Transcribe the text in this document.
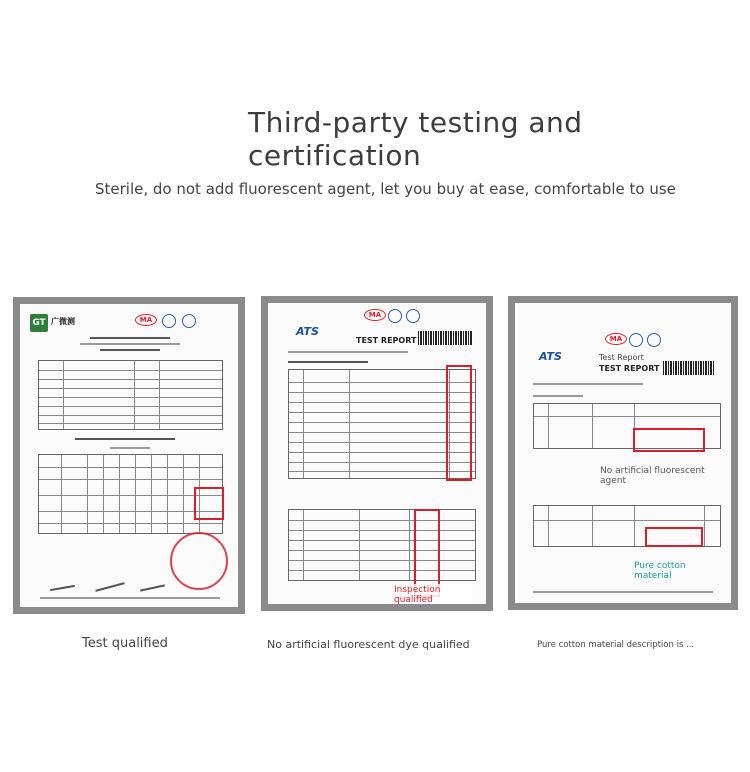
Third-party testing and certification
Sterile, do not add fluorescent agent, let you buy at ease, comfortable to use
GT 广微测	MA
MA
ATS
TEST REPORT
Inspection qualified
MA
ATS	Test Report
TEST REPORT
No artificial fluorescent agent
Pure cotton material
Test qualified	No artificial fluorescent dye qualified	Pure cotton material description is ...
